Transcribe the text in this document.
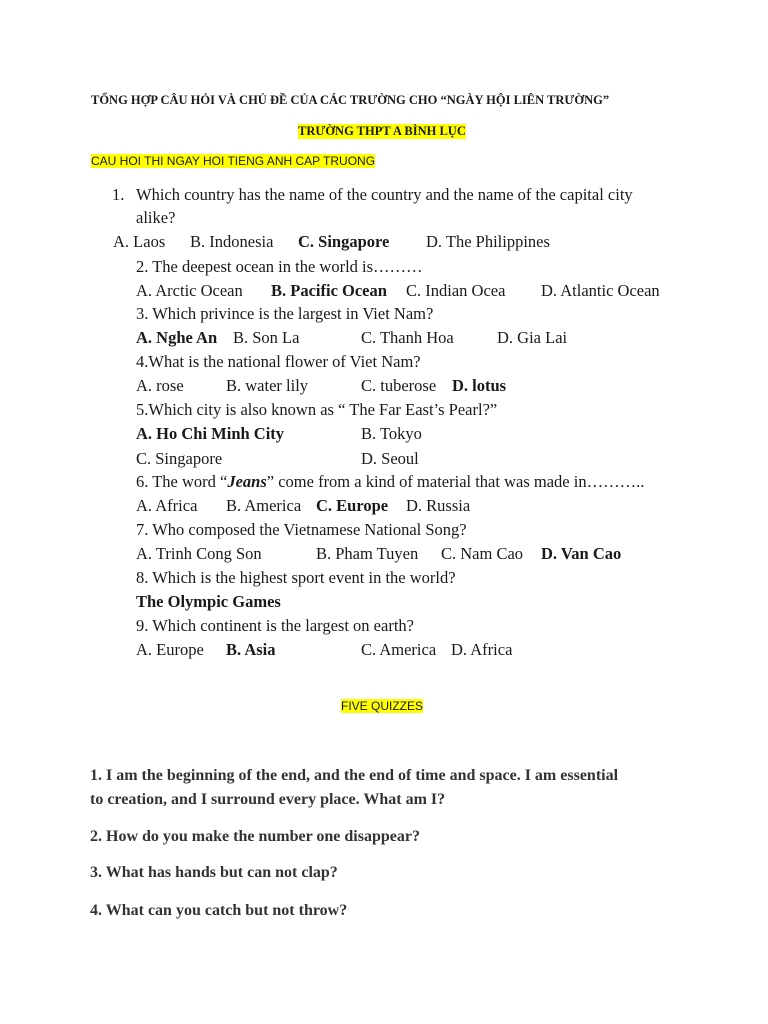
TỔNG HỢP CÂU HỎI VÀ CHỦ ĐỀ CỦA CÁC TRƯỜNG CHO “NGÀY HỘI LIÊN TRƯỜNG”
TRƯỜNG THPT A BÌNH LỤC
CAU HOI THI NGAY HOI TIENG ANH CAP TRUONG
1. Which country has the name of the country and the name of the capital city
alike?
A. Laos B. Indonesia C. Singapore D. The Philippines
2. The deepest ocean in the world is………
A. Arctic Ocean B. Pacific Ocean C. Indian Ocea D. Atlantic Ocean
3. Which privince is the largest in Viet Nam?
A. Nghe An B. Son La	C. Thanh Hoa	D. Gia Lai
4.What is the national flower of Viet Nam?
A. rose	B. water lily	C. tuberose D. lotus
5.Which city is also known as “ The Far East’s Pearl?”
A. Ho Chi Minh City	B. Tokyo
C. Singapore	D. Seoul
6. The word “Jeans” come from a kind of material that was made in………..
A. Africa B. America C. Europe D. Russia
7. Who composed the Vietnamese National Song?
A. Trinh Cong Son	B. Pham Tuyen C. Nam Cao D. Van Cao
8. Which is the highest sport event in the world?
The Olympic Games
9. Which continent is the largest on earth?
A. Europe B. Asia	C. America D. Africa
FIVE QUIZZES
1. I am the beginning of the end, and the end of time and space. I am essential
to creation, and I surround every place. What am I?
2. How do you make the number one disappear?
3. What has hands but can not clap?
4. What can you catch but not throw?
